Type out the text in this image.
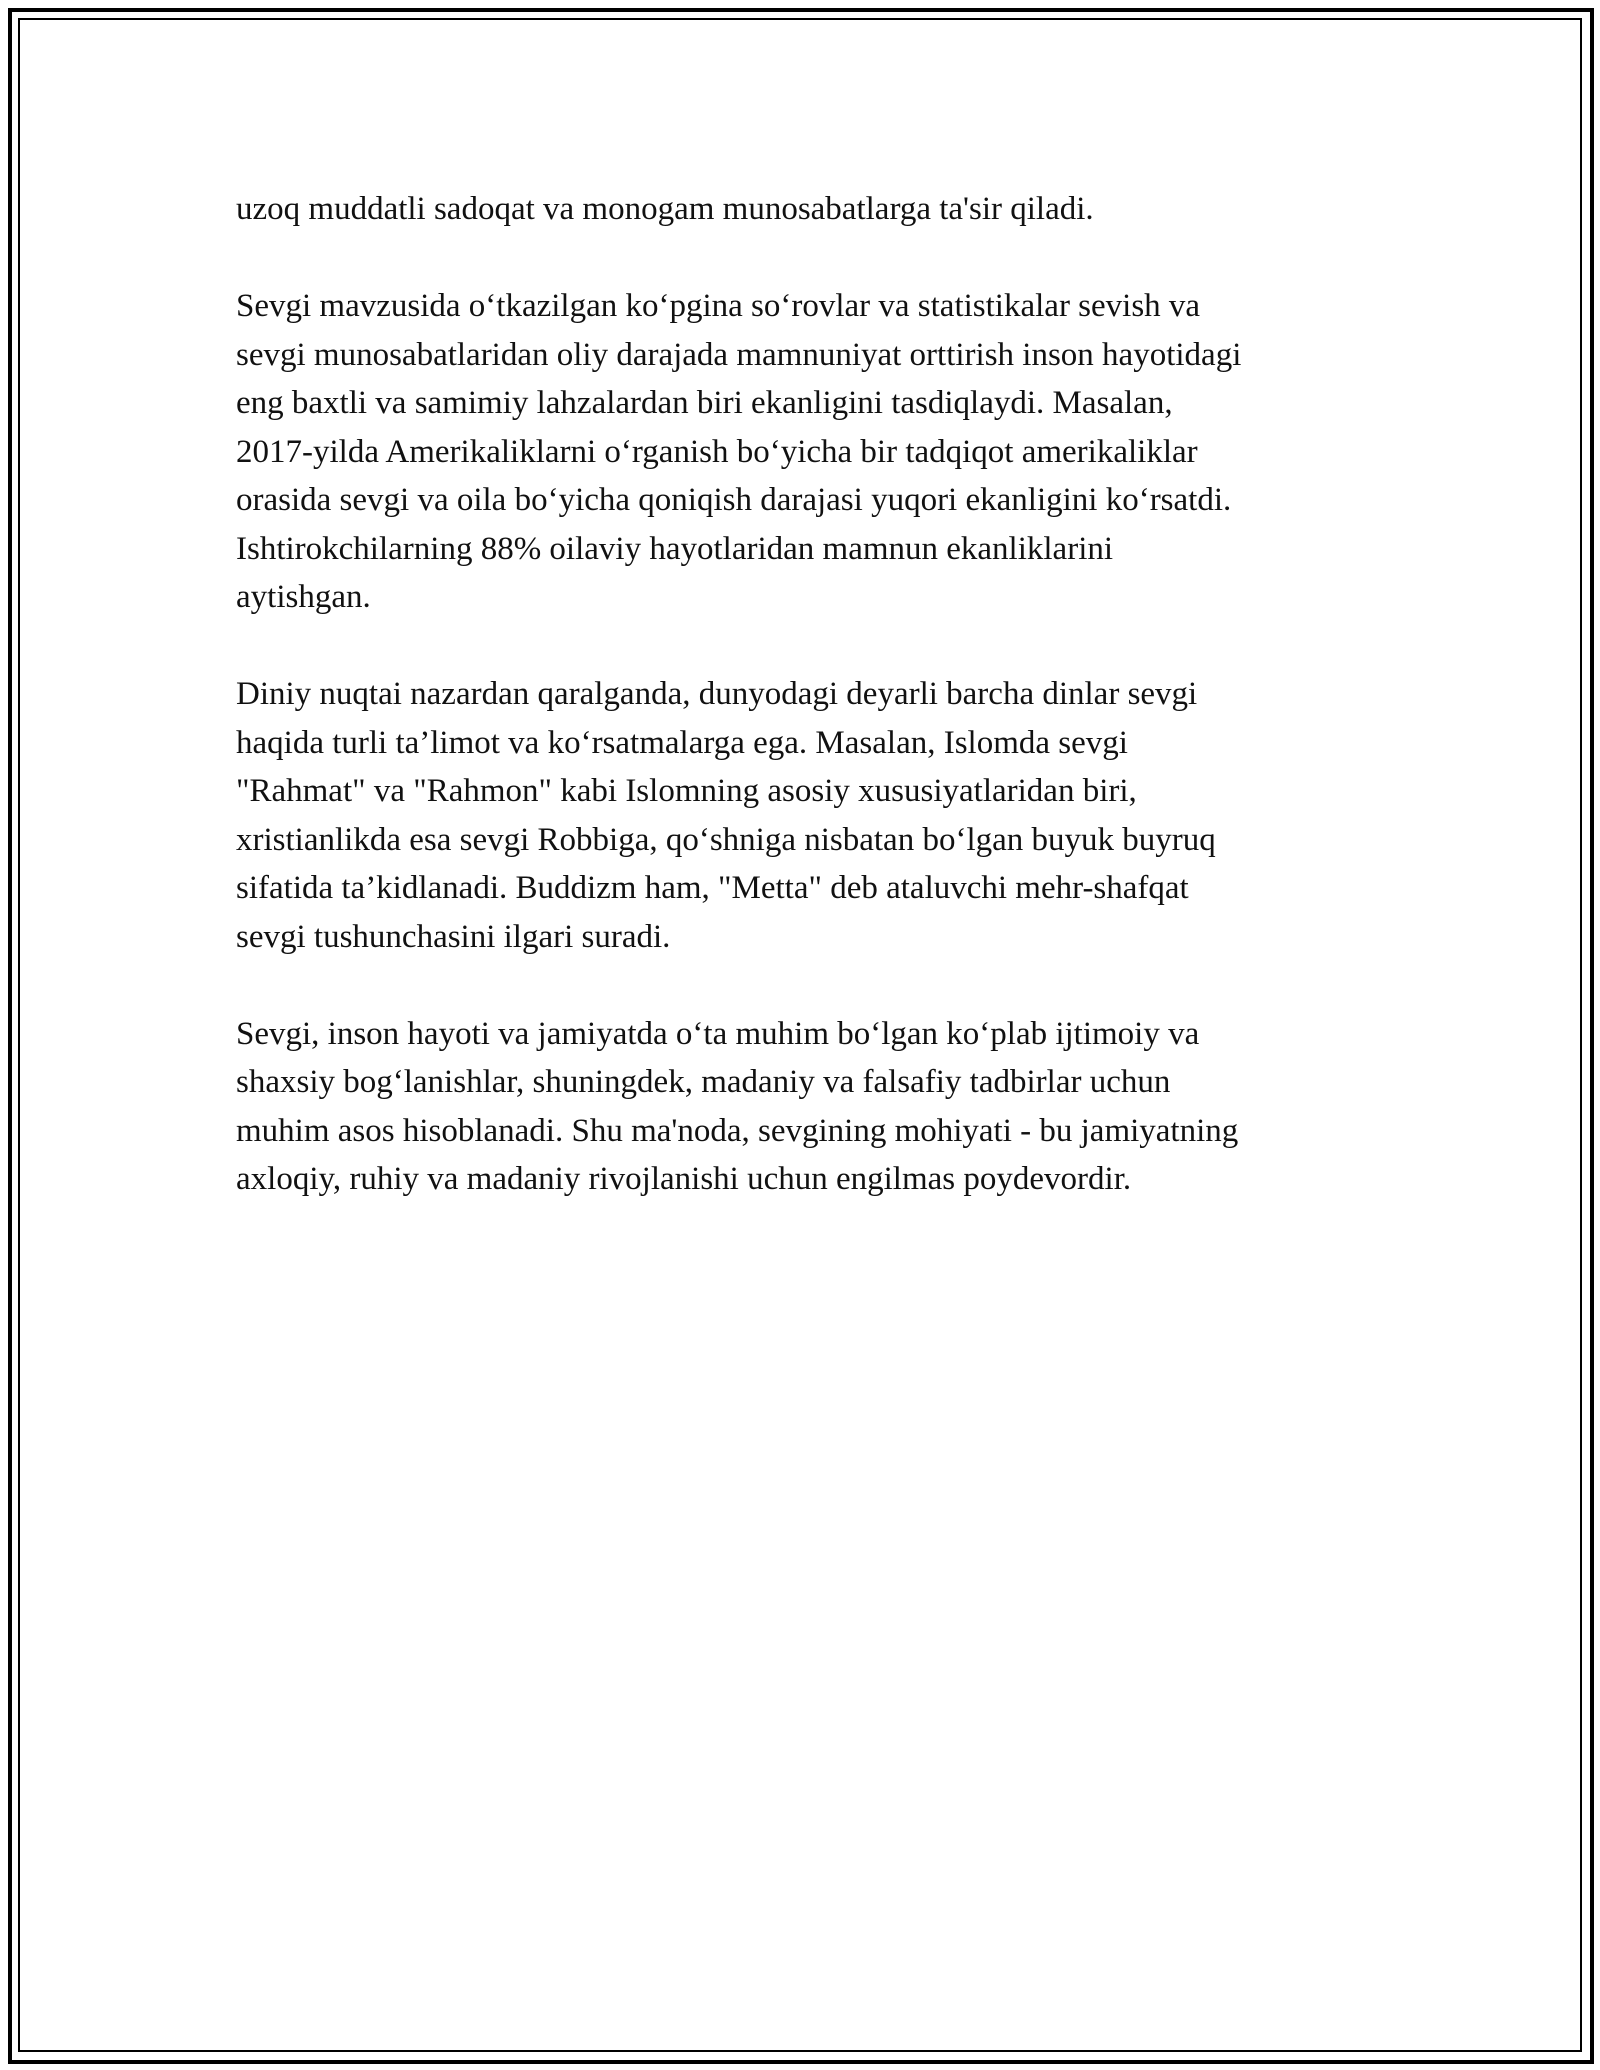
uzoq muddatli sadoqat va monogam munosabatlarga ta'sir qiladi.

Sevgi mavzusida o‘tkazilgan ko‘pgina so‘rovlar va statistikalar sevish va
sevgi munosabatlaridan oliy darajada mamnuniyat orttirish inson hayotidagi
eng baxtli va samimiy lahzalardan biri ekanligini tasdiqlaydi. Masalan,
2017-yilda Amerikaliklarni o‘rganish bo‘yicha bir tadqiqot amerikaliklar
orasida sevgi va oila bo‘yicha qoniqish darajasi yuqori ekanligini ko‘rsatdi.
Ishtirokchilarning 88% oilaviy hayotlaridan mamnun ekanliklarini
aytishgan.

Diniy nuqtai nazardan qaralganda, dunyodagi deyarli barcha dinlar sevgi
haqida turli ta’limot va ko‘rsatmalarga ega. Masalan, Islomda sevgi
"Rahmat" va "Rahmon" kabi Islomning asosiy xususiyatlaridan biri,
xristianlikda esa sevgi Robbiga, qo‘shniga nisbatan bo‘lgan buyuk buyruq
sifatida ta’kidlanadi. Buddizm ham, "Metta" deb ataluvchi mehr-shafqat
sevgi tushunchasini ilgari suradi.

Sevgi, inson hayoti va jamiyatda o‘ta muhim bo‘lgan ko‘plab ijtimoiy va
shaxsiy bog‘lanishlar, shuningdek, madaniy va falsafiy tadbirlar uchun
muhim asos hisoblanadi. Shu ma'noda, sevgining mohiyati - bu jamiyatning
axloqiy, ruhiy va madaniy rivojlanishi uchun engilmas poydevordir.
